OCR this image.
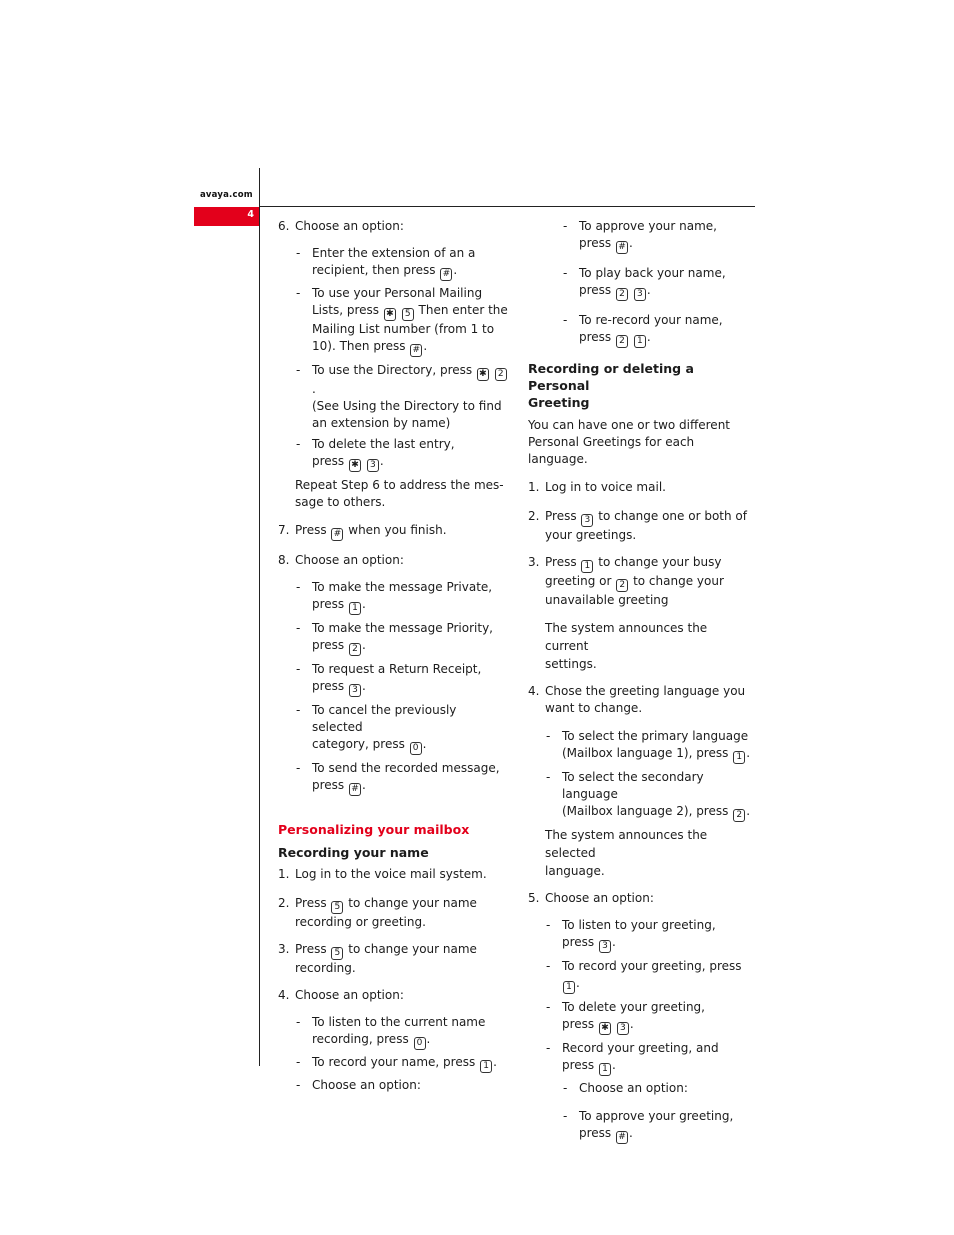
avaya.com
4
6. Choose an option:
- Enter the extension of an a
recipient, then press # .
- To use your Personal Mailing
Lists, press ✱ 5 Then enter the
Mailing List number (from 1 to
10). Then press # .
- To use the Directory, press ✱ 2.
(See Using the Directory to find
an extension by name)
- To delete the last entry,
press ✱ 3 .
Repeat Step 6 to address the mes-
sage to others.
7. Press # when you finish.
8. Choose an option:
- To make the message Private,
press 1 .
- To make the message Priority,
press 2 .
- To request a Return Receipt,
press 3 .
- To cancel the previously selected
category, press 0 .
- To send the recorded message,
press # .
Personalizing your mailbox
Recording your name
1. Log in to the voice mail system.
2. Press 5 to change your name
recording or greeting.
3. Press 5 to change your name
recording.
4. Choose an option:
- To listen to the current name
recording, press 0 .
- To record your name, press 1 .
- Choose an option:
- To approve your name,
press # .
- To play back your name,
press 2 3 .
- To re-record your name,
press 2 1 .
Recording or deleting a Personal
Greeting
You can have one or two different
Personal Greetings for each language.
1. Log in to voice mail.
2. Press 3 to change one or both of
your greetings.
3. Press 1 to change your busy
greeting or 2 to change your
unavailable greeting
The system announces the current
settings.
4. Chose the greeting language you
want to change.
- To select the primary language
(Mailbox language 1), press 1 .
- To select the secondary language
(Mailbox language 2), press 2 .
The system announces the selected
language.
5. Choose an option:
- To listen to your greeting,
press 3 .
- To record your greeting, press 1 .
- To delete your greeting,
press ✱ 3 .
- Record your greeting, and
press 1 .
- Choose an option:
- To approve your greeting,
press # .
